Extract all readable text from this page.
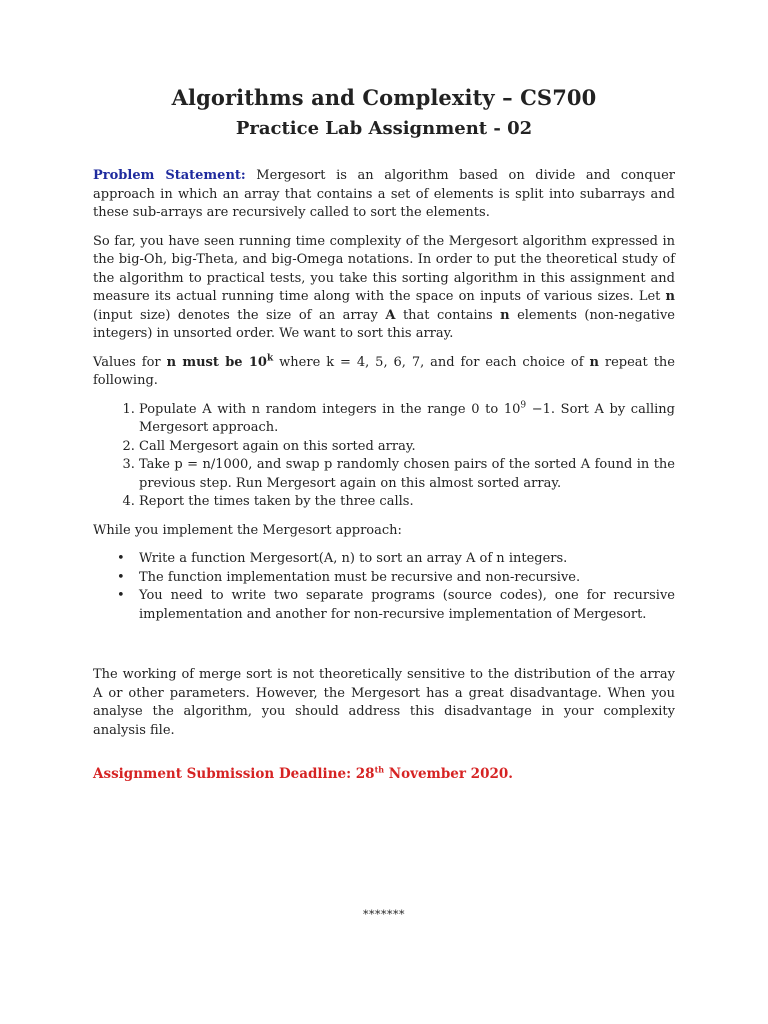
Algorithms and Complexity – CS700
Practice Lab Assignment - 02

Problem Statement: Mergesort is an algorithm based on divide and conquer approach in which an array that contains a set of elements is split into subarrays and these sub-arrays are recursively called to sort the elements.

So far, you have seen running time complexity of the Mergesort algorithm expressed in the big-Oh, big-Theta, and big-Omega notations. In order to put the theoretical study of the algorithm to practical tests, you take this sorting algorithm in this assignment and measure its actual running time along with the space on inputs of various sizes. Let n (input size) denotes the size of an array A that contains n elements (non-negative integers) in unsorted order. We want to sort this array.

Values for n must be 10$^k$ where k = 4, 5, 6, 7, and for each choice of n repeat the following.

1. Populate A with n random integers in the range 0 to $10^9 -1$. Sort A by calling Mergesort approach.
2. Call Mergesort again on this sorted array.
3. Take p = n/1000, and swap p randomly chosen pairs of the sorted A found in the previous step. Run Mergesort again on this almost sorted array.
4. Report the times taken by the three calls.

While you implement the Mergesort approach:

• Write a function Mergesort(A, n) to sort an array A of n integers.
• The function implementation must be recursive and non-recursive.
• You need to write two separate programs (source codes), one for recursive implementation and another for non-recursive implementation of Mergesort.

The working of merge sort is not theoretically sensitive to the distribution of the array A or other parameters. However, the Mergesort has a great disadvantage. When you analyse the algorithm, you should address this disadvantage in your complexity analysis file.

Assignment Submission Deadline: 28th November 2020.
*******
